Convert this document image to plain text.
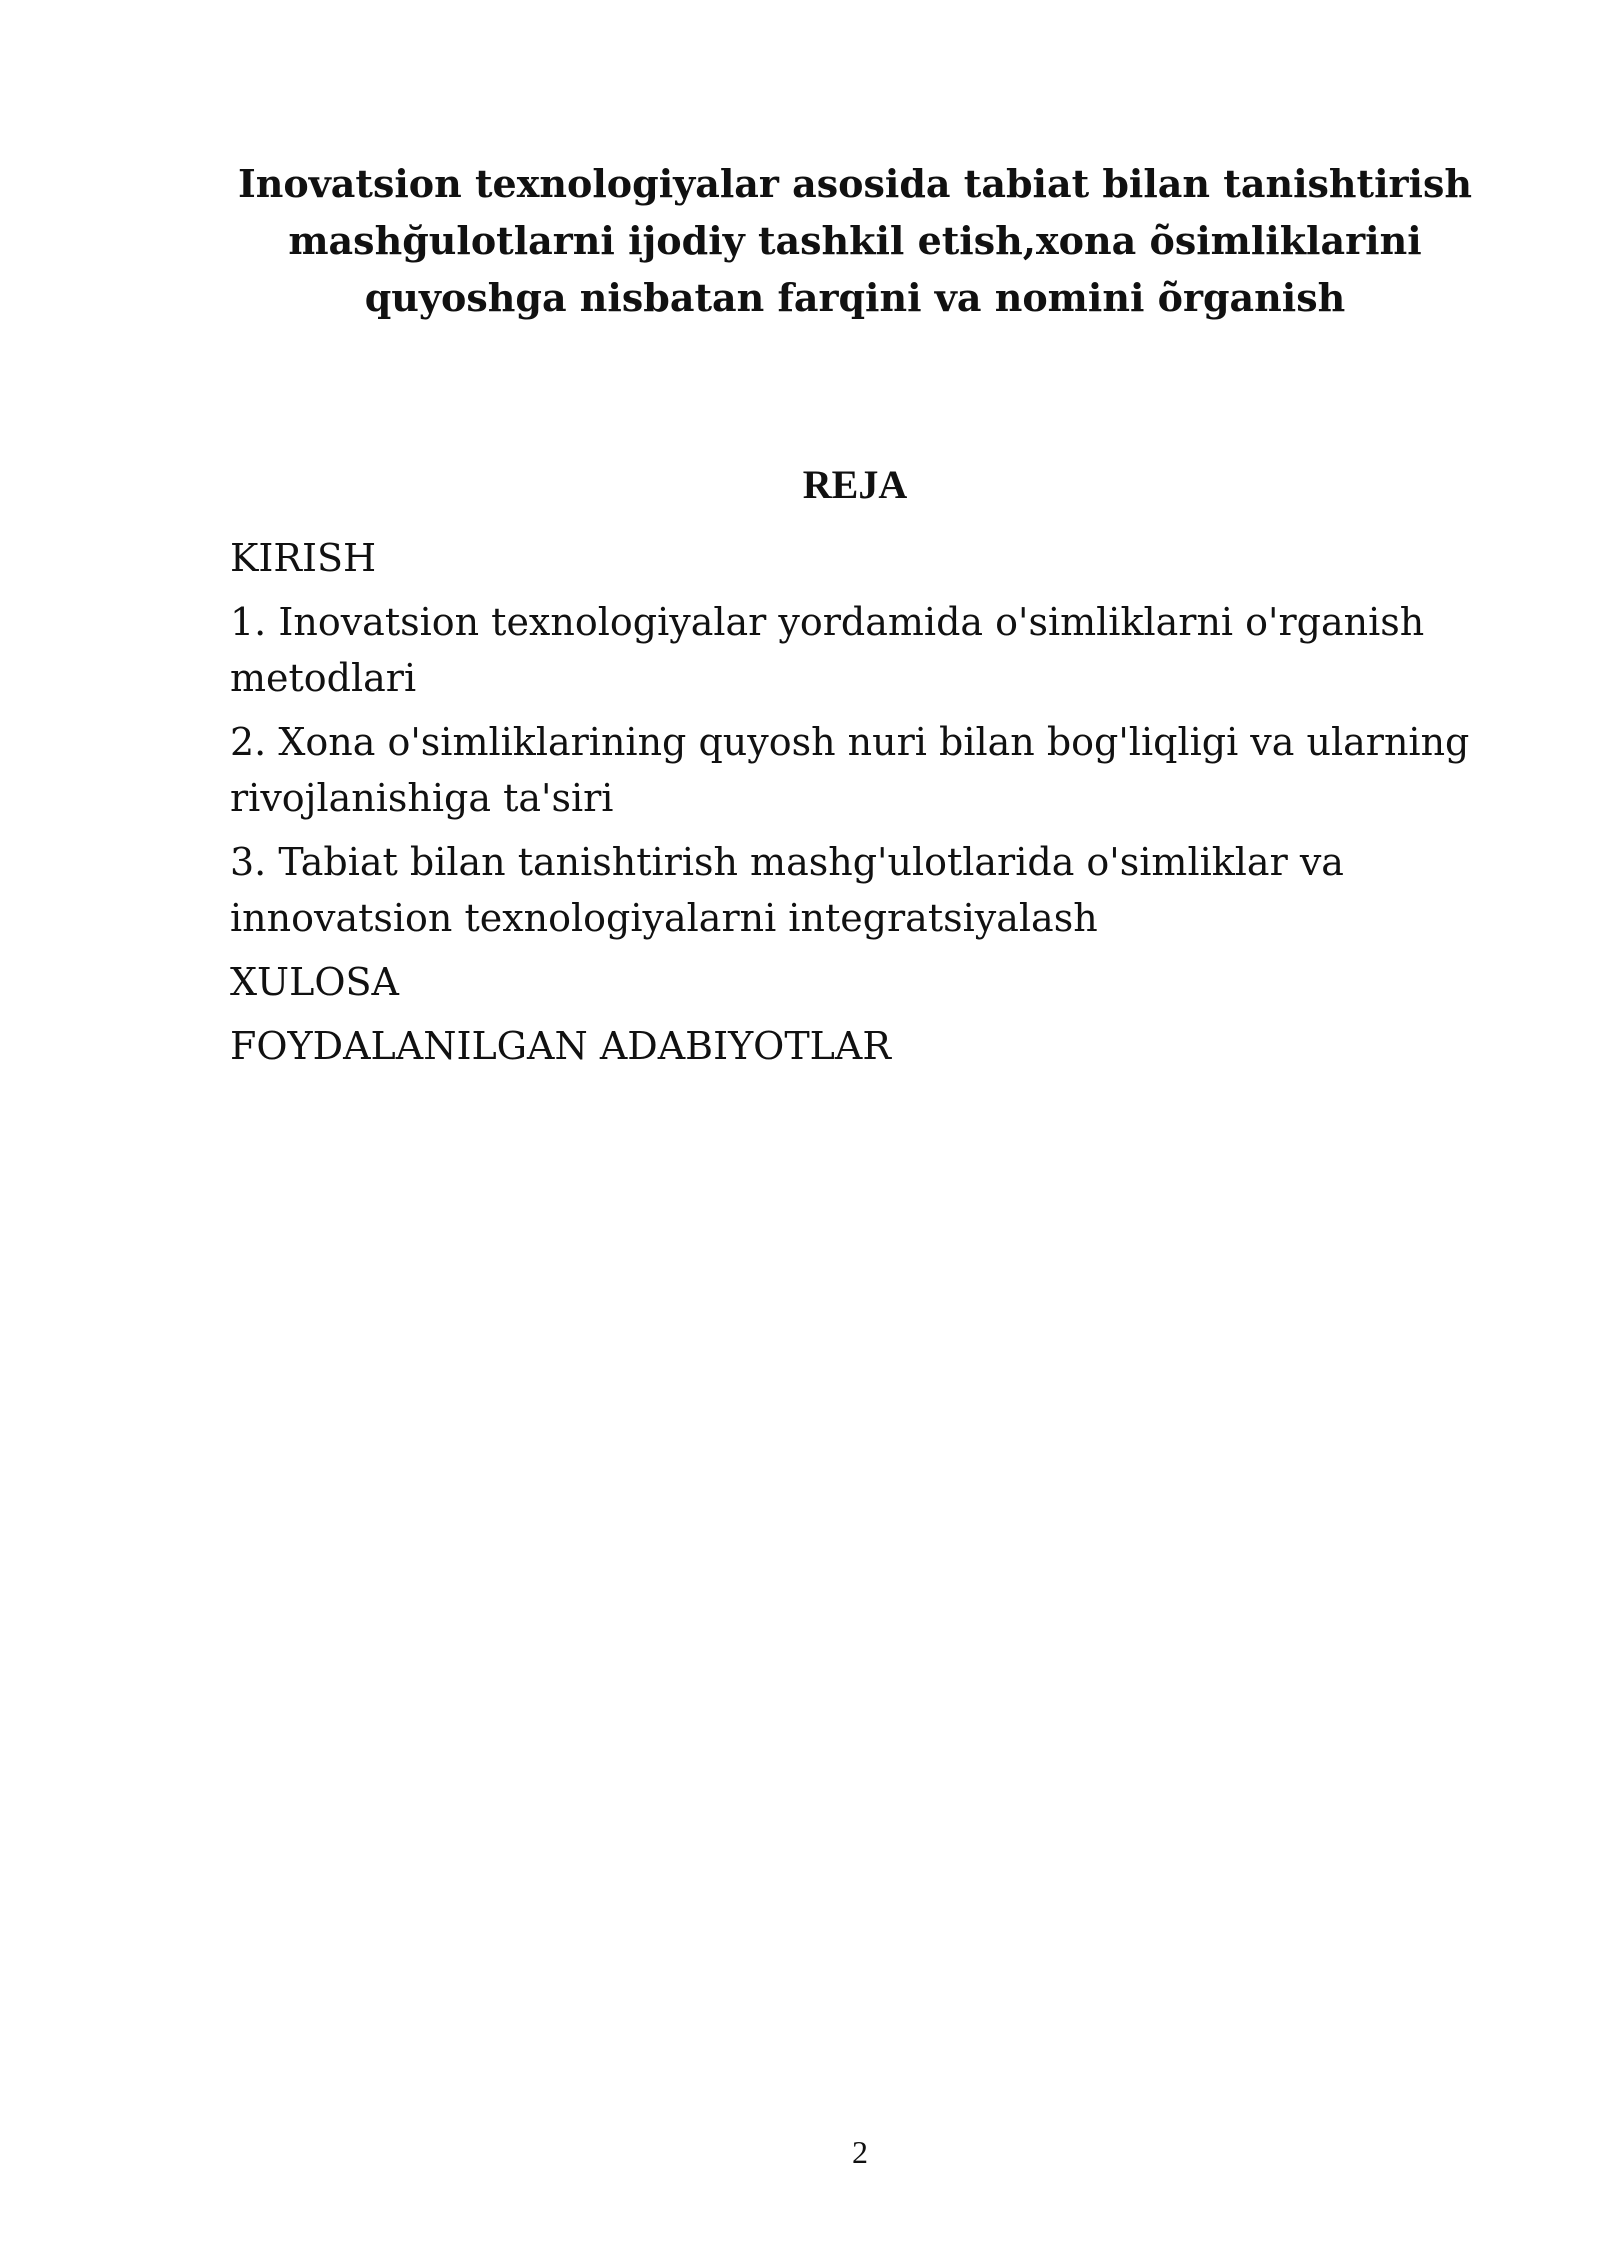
Inovatsion texnologiyalar asosida tabiat bilan tanishtirish
mashğulotlarni ijodiy tashkil etish,xona õsimliklarini
quyoshga nisbatan farqini va nomini õrganish
REJA
KIRISH
1. Inovatsion texnologiyalar yordamida o'simliklarni o'rganish metodlari
2. Xona o'simliklarining quyosh nuri bilan bog'liqligi va ularning rivojlanishiga ta'siri
3. Tabiat bilan tanishtirish mashg'ulotlarida o'simliklar va innovatsion texnologiyalarni integratsiyalash
XULOSA
FOYDALANILGAN ADABIYOTLAR
2
